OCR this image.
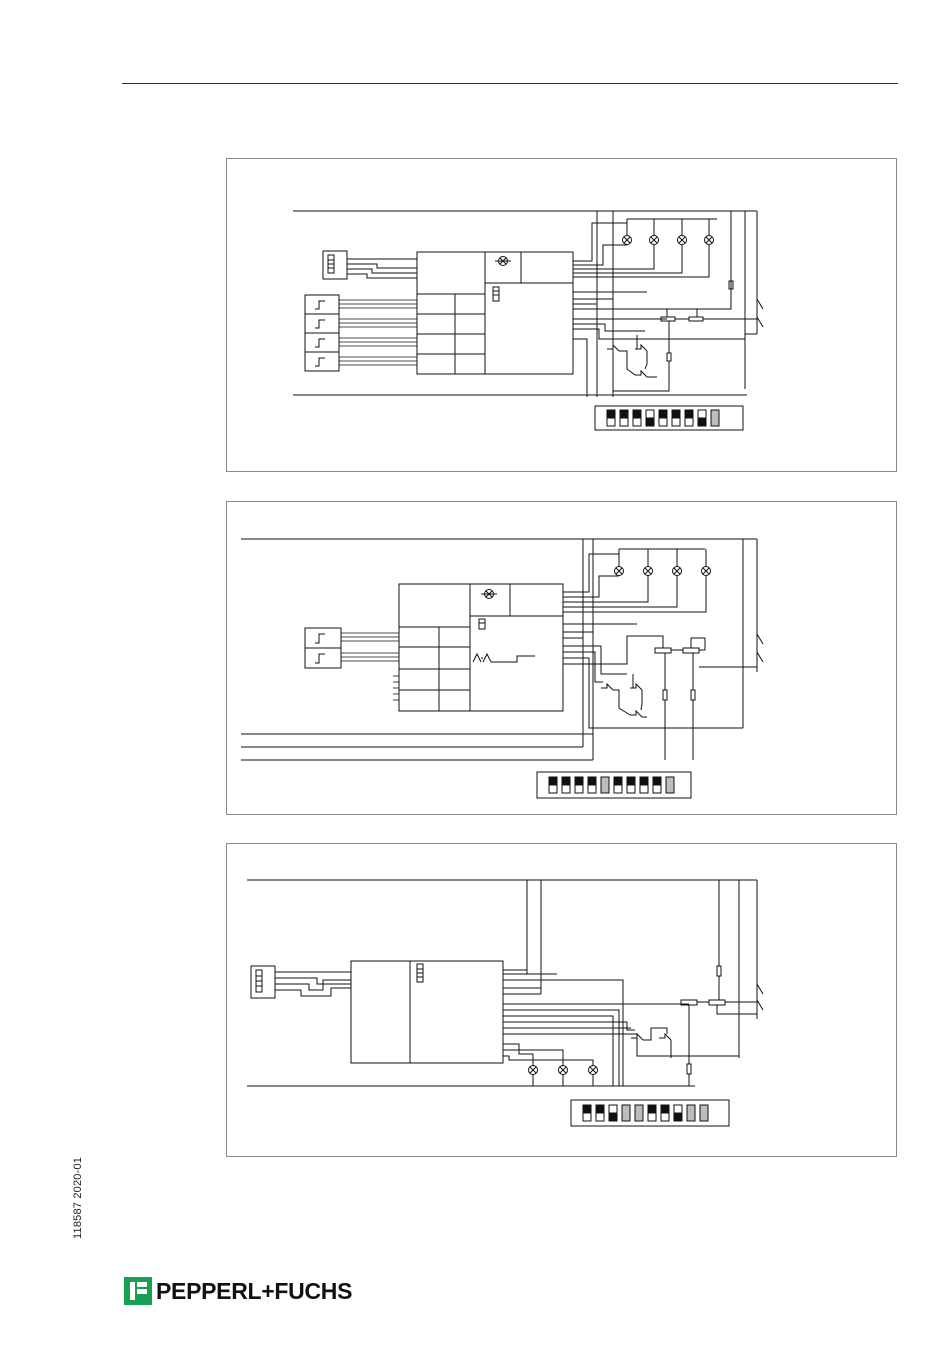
118587 2020-01
PEPPERL+FUCHS
